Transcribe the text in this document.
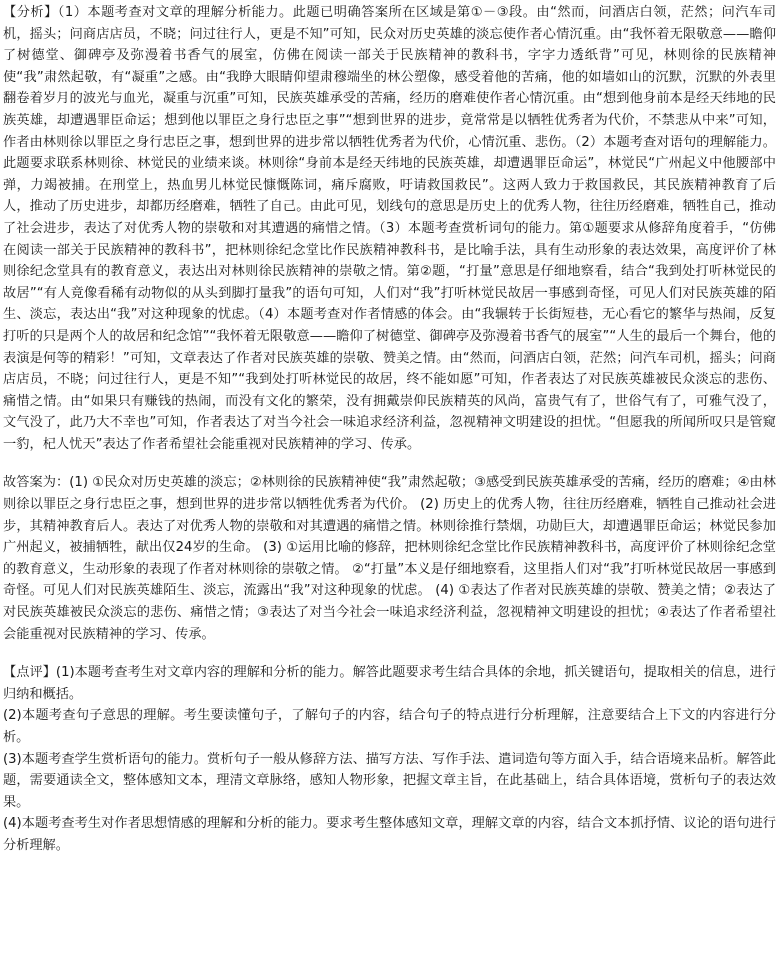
【分析】（1）本题考查对文章的理解分析能力。此题已明确答案所在区域是第①－③段。由“然而，问酒店白领，茫然；问汽车司机，摇头；问商店店员，不晓；问过往行人，更是不知”可知，民众对历史英雄的淡忘使作者心情沉重。由“我怀着无限敬意——瞻仰了树德堂、御碑亭及弥漫着书香气的展室，仿佛在阅读一部关于民族精神的教科书，字字力透纸背”可见，林则徐的民族精神使“我”肃然起敬，有“凝重”之感。由“我睁大眼睛仰望肃穆端坐的林公塑像，感受着他的苦痛，他的如墙如山的沉默，沉默的外表里翻卷着岁月的波光与血光，凝重与沉重”可知，民族英雄承受的苦痛，经历的磨难使作者心情沉重。由“想到他身前本是经天纬地的民族英雄，却遭遇罪臣命运；想到他以罪臣之身行忠臣之事”“想到世界的进步，竟常常是以牺牲优秀者为代价，不禁悲从中来”可知，作者由林则徐以罪臣之身行忠臣之事，想到世界的进步常以牺牲优秀者为代价，心情沉重、悲伤。（2）本题考查对语句的理解能力。此题要求联系林则徐、林觉民的业绩来谈。林则徐“身前本是经天纬地的民族英雄，却遭遇罪臣命运”，林觉民“广州起义中他腰部中弹，力竭被捕。在刑堂上，热血男儿林觉民慷慨陈词，痛斥腐败，吁请救国救民”。这两人致力于救国救民，其民族精神教育了后人，推动了历史进步，却都历经磨难，牺牲了自己。由此可见，划线句的意思是历史上的优秀人物，往往历经磨难，牺牲自己，推动了社会进步，表达了对优秀人物的崇敬和对其遭遇的痛惜之情。（3）本题考查赏析词句的能力。第①题要求从修辞角度着手，“仿佛在阅读一部关于民族精神的教科书”，把林则徐纪念堂比作民族精神教科书，是比喻手法，具有生动形象的表达效果，高度评价了林则徐纪念堂具有的教育意义，表达出对林则徐民族精神的崇敬之情。第②题，“打量”意思是仔细地察看，结合“我到处打听林觉民的故居”“有人竟像看稀有动物似的从头到脚打量我”的语句可知，人们对“我”打听林觉民故居一事感到奇怪，可见人们对民族英雄的陌生、淡忘，表达出“我”对这种现象的忧虑。（4）本题考查对作者情感的体会。由“我辗转于长街短巷，无心看它的繁华与热闹，反复打听的只是两个人的故居和纪念馆”“我怀着无限敬意——瞻仰了树德堂、御碑亭及弥漫着书香气的展室”“人生的最后一个舞台，他的表演是何等的精彩！”可知，文章表达了作者对民族英雄的崇敬、赞美之情。由“然而，问酒店白领，茫然；问汽车司机，摇头；问商店店员，不晓；问过往行人，更是不知”“我到处打听林觉民的故居，终不能如愿”可知，作者表达了对民族英雄被民众淡忘的悲伤、痛惜之情。由“如果只有赚钱的热闹，而没有文化的繁荣，没有拥戴崇仰民族精英的风尚，富贵气有了，世俗气有了，可雅气没了，文气没了，此乃大不幸也”可知，作者表达了对当今社会一味追求经济利益，忽视精神文明建设的担忧。“但愿我的所闻所叹只是管窥一豹，杞人忧天”表达了作者希望社会能重视对民族精神的学习、传承。

故答案为：(1) ①民众对历史英雄的淡忘；②林则徐的民族精神使“我”肃然起敬；③感受到民族英雄承受的苦痛，经历的磨难；④由林则徐以罪臣之身行忠臣之事，想到世界的进步常以牺牲优秀者为代价。 (2) 历史上的优秀人物，往往历经磨难，牺牲自己推动社会进步，其精神教育后人。表达了对优秀人物的崇敬和对其遭遇的痛惜之情。林则徐推行禁烟，功勋巨大，却遭遇罪臣命运；林觉民参加广州起义，被捕牺牲，献出仅24岁的生命。 (3) ①运用比喻的修辞，把林则徐纪念堂比作民族精神教科书，高度评价了林则徐纪念堂的教育意义，生动形象的表现了作者对林则徐的崇敬之情。 ②“打量”本义是仔细地察看，这里指人们对“我”打听林觉民故居一事感到奇怪。可见人们对民族英雄陌生、淡忘，流露出“我”对这种现象的忧虑。 (4) ①表达了作者对民族英雄的崇敬、赞美之情；②表达了对民族英雄被民众淡忘的悲伤、痛惜之情；③表达了对当今社会一味追求经济利益，忽视精神文明建设的担忧；④表达了作者希望社会能重视对民族精神的学习、传承。

【点评】(1)本题考查考生对文章内容的理解和分析的能力。解答此题要求考生结合具体的余地，抓关键语句，提取相关的信息，进行归纳和概括。

(2)本题考查句子意思的理解。考生要读懂句子，了解句子的内容，结合句子的特点进行分析理解，注意要结合上下文的内容进行分析。

(3)本题考查学生赏析语句的能力。赏析句子一般从修辞方法、描写方法、写作手法、遣词造句等方面入手，结合语境来品析。解答此题，需要通读全文，整体感知文本，理清文章脉络，感知人物形象，把握文章主旨，在此基础上，结合具体语境，赏析句子的表达效果。

(4)本题考查考生对作者思想情感的理解和分析的能力。要求考生整体感知文章，理解文章的内容，结合文本抓抒情、议论的语句进行分析理解。
